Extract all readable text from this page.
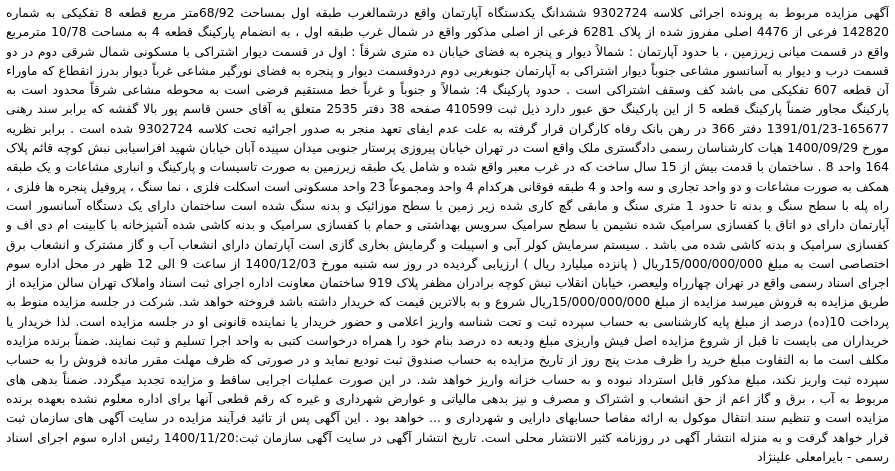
آگهی مزایده مربوط به پرونده اجرائی کلاسه 9302724 ششدانگ یکدستگاه آپارتمان واقع درشمالغرب طبقه اول بمساحت 68/92متر مربع قطعه 8 تفکیکی به شماره 142820 فرعی از 4476 اصلی مفروز شده از پلاک 6281 فرعی از اصلی مذکور واقع در شمال غرب طبقه اول ، به انضمام پارکینگ قطعه 4 به مساحت 10/78 مترمربع واقع در قسمت میانی زیرزمین ، با حدود آپارتمان : شمالاً دیوار و پنجره به فضای خیابان ده متری شرقاً : اول در قسمت دیوار اشتراکی با مسکونی شمال شرقی دوم در دو قسمت درب و دیوار به آسانسور مشاعی جنوباً دیوار اشتراکی به آپارتمان جنوبغربی دوم دردوقسمت دیوار و پنجره به فضای نورگیر مشاعی غرباً دیوار بدرز انقطاع که ماوراء آن قطعه 607 تفکیکی می باشد کف وسقف اشتراکی است . حدود پارکینگ 4: شمالاً و جنوباً و غرباً خط مستقیم فرضی است به محوطه مشاعی شرقاً محدود است به پارکینگ مجاور ضمناً پارکینگ قطعه 5 از این پارکینگ حق عبور دارد ذیل ثبت 410599 صفحه 38 دفتر 2535 متعلق به آقای حسن قاسم پور بالا گفشه که برابر سند رهنی 165677-1391/01/23 دفتر 366 در رهن بانک رفاه کارگران قرار گرفته به علت عدم ایفای تعهد منجر به صدور اجرائیه تحت کلاسه 9302724 شده است . برابر نظریه مورخ 1400/09/29 هیات کارشناسان رسمی دادگستری ملک واقع است در تهران خیابان پیروزی پرستار جنوبی میدان سپیده آبان خیابان شهید افراسیابی نبش کوچه قائم پلاک 164 واحد 8 . ساختمان با قدمت بیش از 15 سال ساخت که در غرب معبر واقع شده و شامل یک طبقه زیرزمین به صورت تاسیسات و پارکینگ و انباری مشاعات و یک طبقه همکف به صورت مشاعات و دو واحد تجاری و سه واحد و 4 طبقه فوقانی هرکدام 4 واحد ومجموعاً 23 واحد مسکونی است اسکلت فلزی ، نما سنگ ، پروفیل پنجره ها فلزی ، راه پله با سطح سنگ و بدنه تا حدود 1 متری سنگ و مابقی گچ کاری شده زیر زمین با سطح موزائیک و بدنه سنگ شده است ساختمان دارای یک دستگاه آسانسور است آپارتمان دارای دو اتاق با کفسازی سرامیک شده نشیمن با سطح سرامیک سرویس بهداشتی و حمام با کفسازی سرامیک و بدنه کاشی شده آشپزخانه با کابینت ام دی اف و کفسازی سرامیک و بدنه کاشی شده می باشد . سیستم سرمایش کولر آبی و اسپیلت و گرمایش بخاری گازی است آپارتمان دارای انشعاب آب و گاز مشترک و انشعاب برق اختصاصی است به مبلغ 15/000/000/000ریال ( پانزده میلیارد ریال ) ارزیابی گردیده در روز سه شنبه مورخ 1400/12/03 از ساعت 9 الی 12 ظهر در محل اداره سوم اجرای اسناد رسمی واقع در تهران چهارراه ولیعصر، خیابان انقلاب نبش کوچه برادران مظفر پلاک 919 ساختمان معاونت اداره اجرای ثبت اسناد واملاک تهران سالن مزایده از طریق مزایده به فروش میرسد مزایده از مبلغ 15/000/000/000ریال شروع و به بالاترین قیمت که خریدار داشته باشد فروخته خواهد شد. شرکت در جلسه مزایده منوط به پرداخت 10(ده) درصد از مبلغ پایه کارشناسی به حساب سپرده ثبت و تحت شناسه واریز اعلامی و حضور خریدار یا نماینده قانونی او در جلسه مزایده است. لذا خریدار یا خریداران می بایست تا قبل از شروع مزایده اصل فیش واریزی مبلغ ودیعه ده درصد بنام خود را همراه درخواست کتبی به واحد اجرا تسلیم و ثبت نمایند. ضمناً برنده مزایده مکلف است ما به التفاوت مبلغ خرید را ظرف مدت پنج روز از تاریخ مزایده به حساب صندوق ثبت تودیع نماید و در صورتی که ظرف مهلت مقرر مانده فروش را به حساب سپرده ثبت واریز نکند، مبلغ مذکور قابل استرداد نبوده و به حساب خزانه واریز خواهد شد. در این صورت عملیات اجرایی ساقط و مزایده تجدید میگردد. ضمناً بدهی های مربوط به آب ، برق و گاز اعم از حق انشعاب و اشتراک و مصرف و نیز بدهی مالیاتی و عوارض شهرداری و غیره که رقم قطعی آنها برای اداره معلوم نشده بعهده برنده مزایده است و تنظیم سند انتقال موکول به ارائه مفاصا حسابهای دارایی و شهرداری و ... خواهد بود . این آگهی پس از تائید فرآیند مزایده در سایت آگهی های سازمان ثبت قرار خواهد گرفت و به منزله انتشار آگهی در روزنامه کثیر الانتشار محلی است. تاریخ انتشار آگهی در سایت آگهی سازمان ثبت:1400/11/20 رئیس اداره سوم اجرای اسناد رسمی - بایرامعلی علینژاد
